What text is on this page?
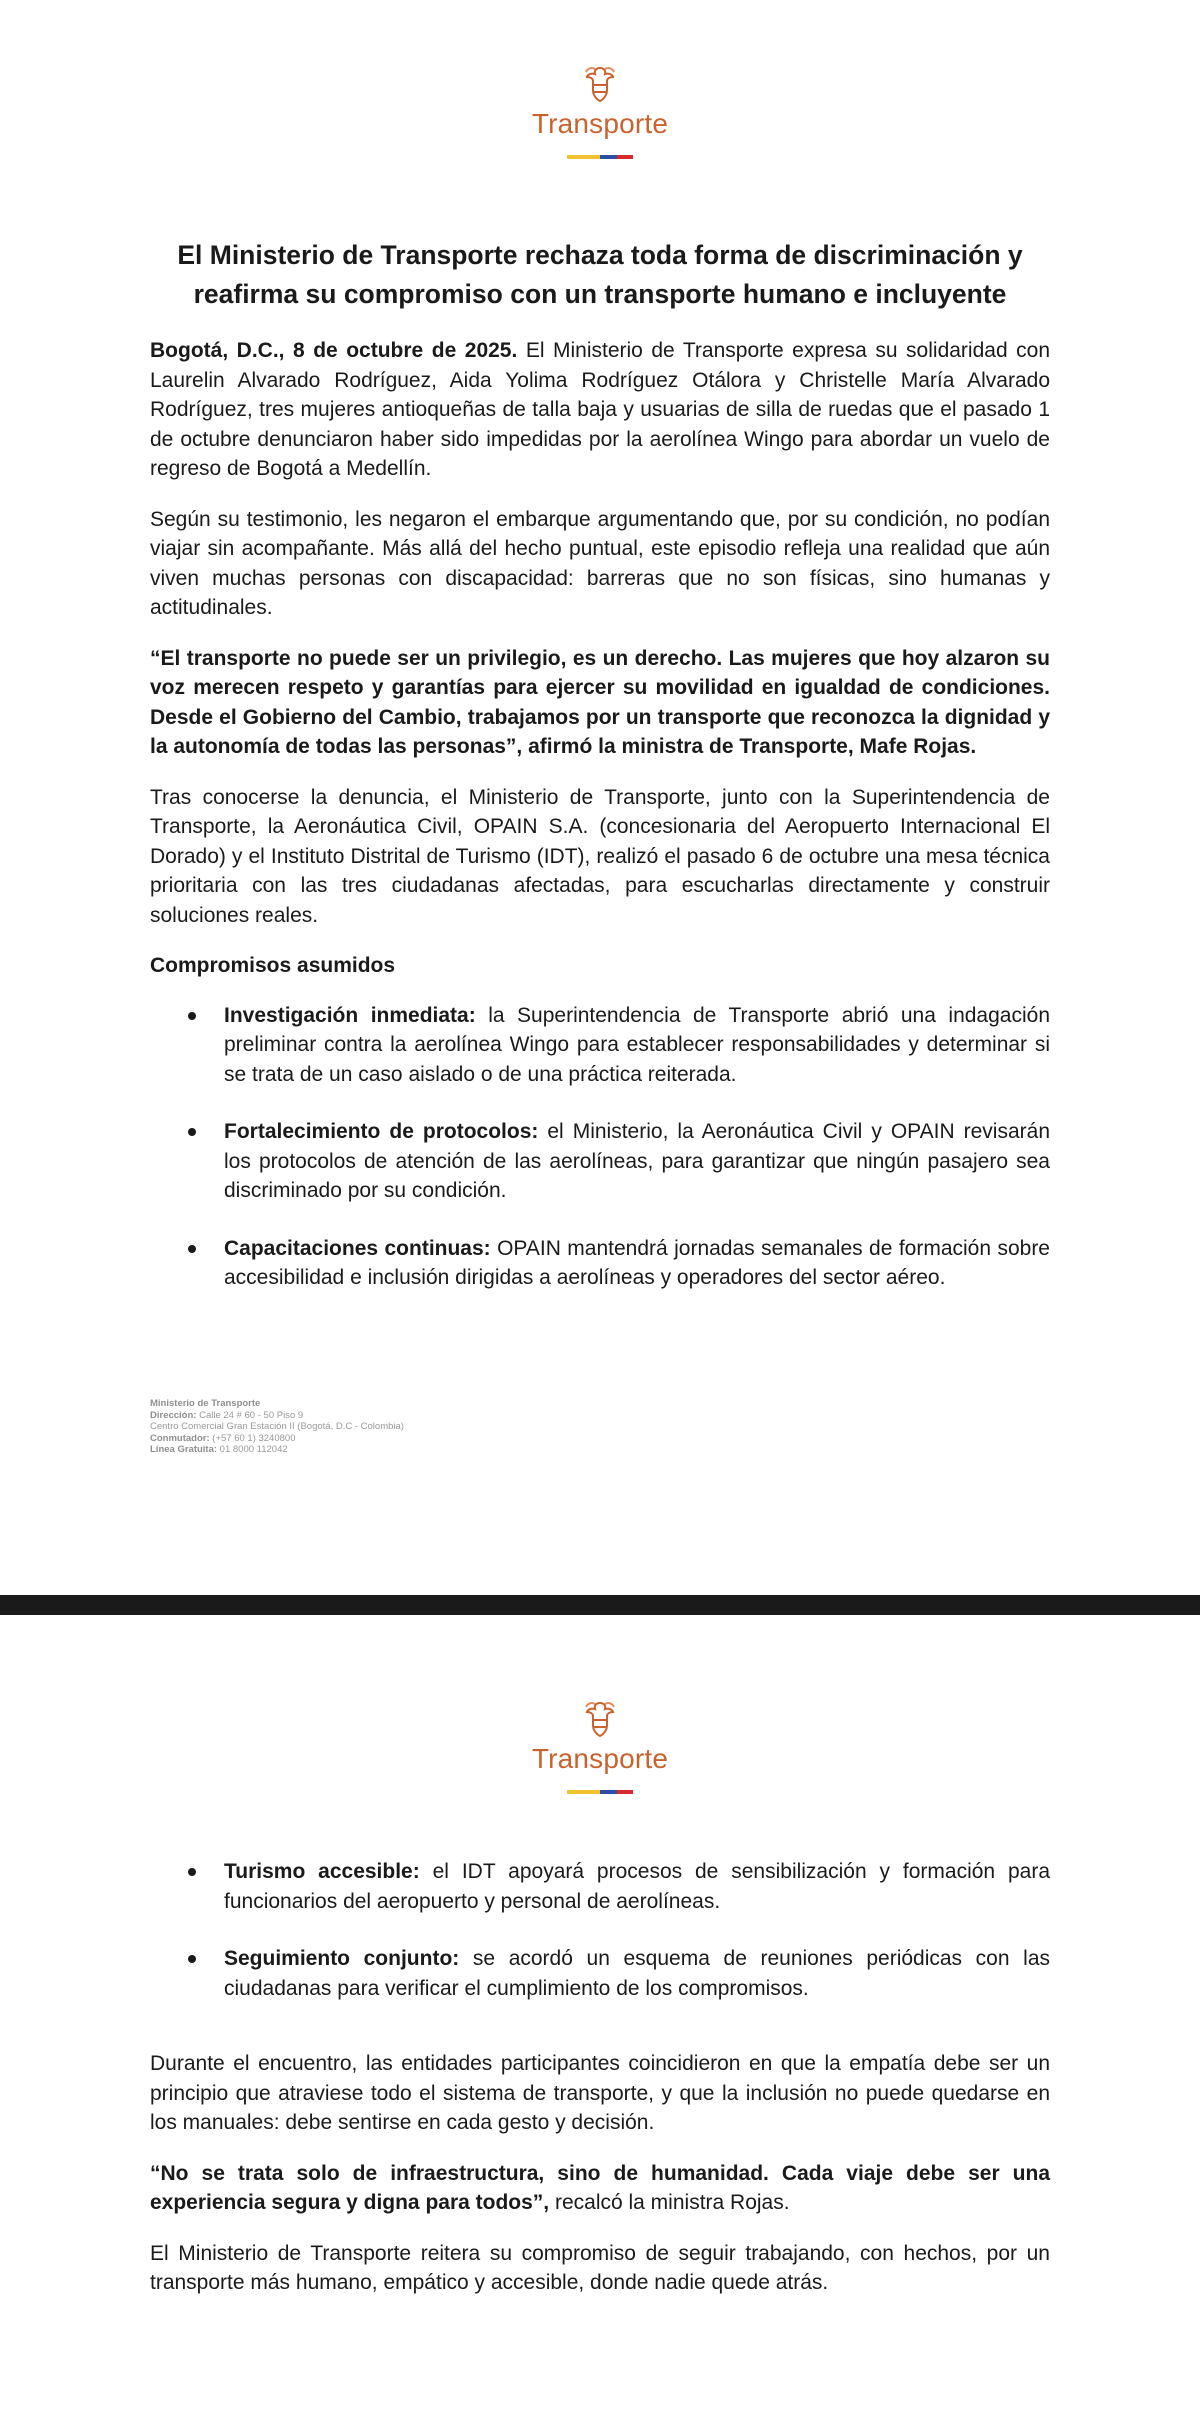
Transporte
El Ministerio de Transporte rechaza toda forma de discriminación y reafirma su compromiso con un transporte humano e incluyente

Bogotá, D.C., 8 de octubre de 2025. El Ministerio de Transporte expresa su solidaridad con Laurelin Alvarado Rodríguez, Aida Yolima Rodríguez Otálora y Christelle María Alvarado Rodríguez, tres mujeres antioqueñas de talla baja y usuarias de silla de ruedas que el pasado 1 de octubre denunciaron haber sido impedidas por la aerolínea Wingo para abordar un vuelo de regreso de Bogotá a Medellín.

Según su testimonio, les negaron el embarque argumentando que, por su condición, no podían viajar sin acompañante. Más allá del hecho puntual, este episodio refleja una realidad que aún viven muchas personas con discapacidad: barreras que no son físicas, sino humanas y actitudinales.

“El transporte no puede ser un privilegio, es un derecho. Las mujeres que hoy alzaron su voz merecen respeto y garantías para ejercer su movilidad en igualdad de condiciones. Desde el Gobierno del Cambio, trabajamos por un transporte que reconozca la dignidad y la autonomía de todas las personas”, afirmó la ministra de Transporte, Mafe Rojas.

Tras conocerse la denuncia, el Ministerio de Transporte, junto con la Superintendencia de Transporte, la Aeronáutica Civil, OPAIN S.A. (concesionaria del Aeropuerto Internacional El Dorado) y el Instituto Distrital de Turismo (IDT), realizó el pasado 6 de octubre una mesa técnica prioritaria con las tres ciudadanas afectadas, para escucharlas directamente y construir soluciones reales.

Compromisos asumidos
Investigación inmediata: la Superintendencia de Transporte abrió una indagación preliminar contra la aerolínea Wingo para establecer responsabilidades y determinar si se trata de un caso aislado o de una práctica reiterada.
Fortalecimiento de protocolos: el Ministerio, la Aeronáutica Civil y OPAIN revisarán los protocolos de atención de las aerolíneas, para garantizar que ningún pasajero sea discriminado por su condición.
Capacitaciones continuas: OPAIN mantendrá jornadas semanales de formación sobre accesibilidad e inclusión dirigidas a aerolíneas y operadores del sector aéreo.
Ministerio de Transporte
Dirección: Calle 24 # 60 - 50 Piso 9
Centro Comercial Gran Estación II (Bogotá, D.C - Colombia)
Conmutador: (+57 60 1) 3240800
Línea Gratuita: 01 8000 112042
Transporte
Turismo accesible: el IDT apoyará procesos de sensibilización y formación para funcionarios del aeropuerto y personal de aerolíneas.
Seguimiento conjunto: se acordó un esquema de reuniones periódicas con las ciudadanas para verificar el cumplimiento de los compromisos.

Durante el encuentro, las entidades participantes coincidieron en que la empatía debe ser un principio que atraviese todo el sistema de transporte, y que la inclusión no puede quedarse en los manuales: debe sentirse en cada gesto y decisión.

“No se trata solo de infraestructura, sino de humanidad. Cada viaje debe ser una experiencia segura y digna para todos”, recalcó la ministra Rojas.

El Ministerio de Transporte reitera su compromiso de seguir trabajando, con hechos, por un transporte más humano, empático y accesible, donde nadie quede atrás.
